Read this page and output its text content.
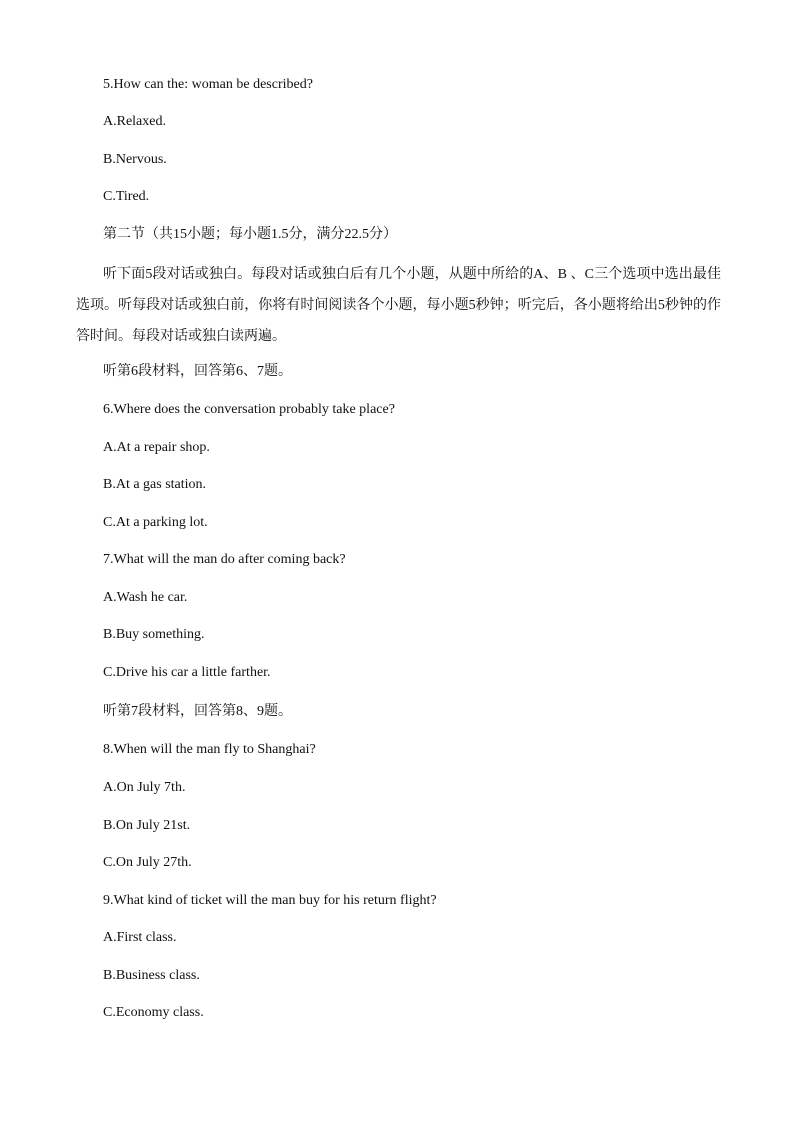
5.How can the: woman be described?
A.Relaxed.
B.Nervous.
C.Tired.
第二节（共15小题；每小题1.5分，满分22.5分）
听下面5段对话或独白。每段对话或独白后有几个小题，从题中所给的A、B 、C三个选项中选出最佳选项。听每段对话或独白前，你将有时间阅读各个小题，每小题5秒钟；听完后，各小题将给出5秒钟的作答时间。每段对话或独白读两遍。
听第6段材料，回答第6、7题。
6.Where does the conversation probably take place?
A.At a repair shop.
B.At a gas station.
C.At a parking lot.
7.What will the man do after coming back?
A.Wash he car.
B.Buy something.
C.Drive his car a little farther.
听第7段材料，回答第8、9题。
8.When will the man fly to Shanghai?
A.On July 7th.
B.On July 21st.
C.On July 27th.
9.What kind of ticket will the man buy for his return flight?
A.First class.
B.Business class.
C.Economy class.
